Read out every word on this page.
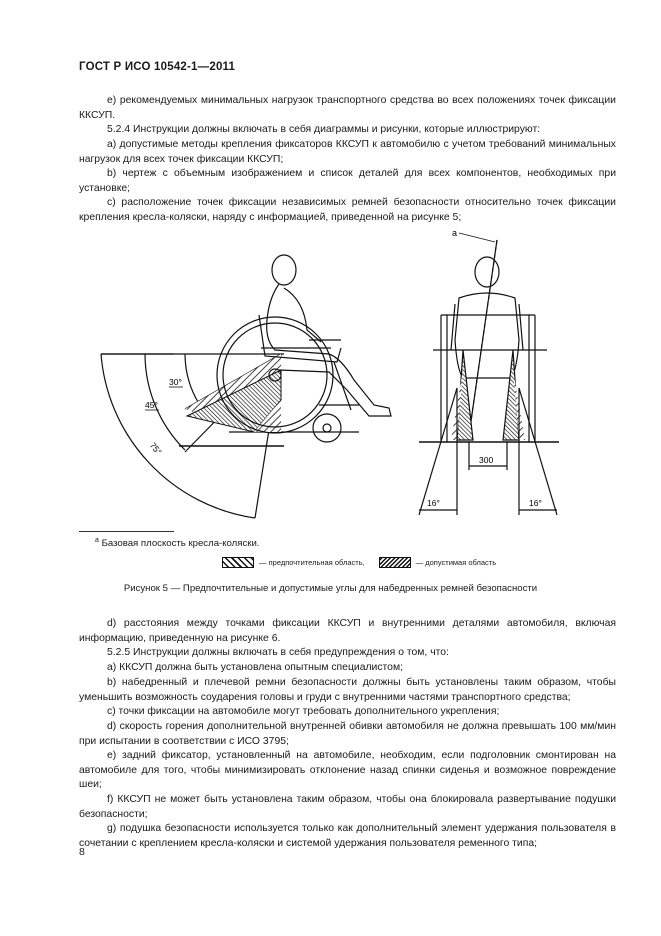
ГОСТ Р ИСО 10542-1—2011

e) рекомендуемых минимальных нагрузок транспортного средства во всех положениях точек фиксации ККСУП.

5.2.4 Инструкции должны включать в себя диаграммы и рисунки, которые иллюстрируют:

a) допустимые методы крепления фиксаторов ККСУП к автомобилю с учетом требований минимальных нагрузок для всех точек фиксации ККСУП;

b) чертеж с объемным изображением и список деталей для всех компонентов, необходимых при установке;

c) расположение точек фиксации независимых ремней безопасности относительно точек фиксации крепления кресла-коляски, наряду с информацией, приведенной на рисунке 5;

30°
45°
75°
a
300
16°	16°
$^a$ Базовая плоскость кресла-коляски.
— предпочтительная область,	— допустимая область
Рисунок 5 — Предпочтительные и допустимые углы для набедренных ремней безопасности

d) расстояния между точками фиксации ККСУП и внутренними деталями автомобиля, включая информацию, приведенную на рисунке 6.

5.2.5 Инструкции должны включать в себя предупреждения о том, что:

a) ККСУП должна быть установлена опытным специалистом;

b) набедренный и плечевой ремни безопасности должны быть установлены таким образом, чтобы уменьшить возможность соударения головы и груди с внутренними частями транспортного средства;

c) точки фиксации на автомобиле могут требовать дополнительного укрепления;

d) скорость горения дополнительной внутренней обивки автомобиля не должна превышать 100 мм/мин при испытании в соответствии с ИСО 3795;

e) задний фиксатор, установленный на автомобиле, необходим, если подголовник смонтирован на автомобиле для того, чтобы минимизировать отклонение назад спинки сиденья и возможное повреждение шеи;

f) ККСУП не может быть установлена таким образом, чтобы она блокировала развертывание подушки безопасности;

g) подушка безопасности используется только как дополнительный элемент удержания пользователя в сочетании с креплением кресла-коляски и системой удержания пользователя ременного типа;

8
